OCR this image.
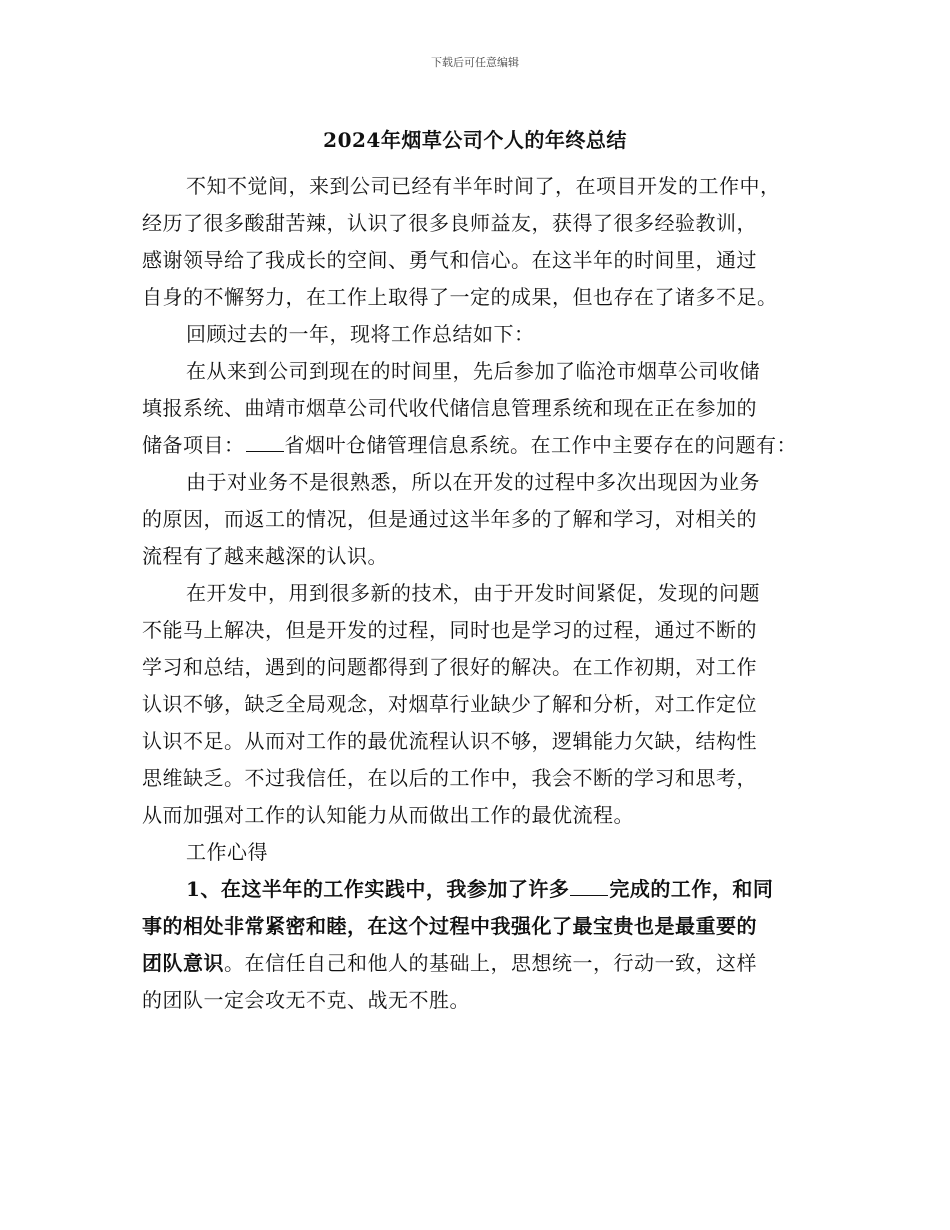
下载后可任意编辑
2024年烟草公司个人的年终总结
不知不觉间，来到公司已经有半年时间了，在项目开发的工作中，
经历了很多酸甜苦辣，认识了很多良师益友，获得了很多经验教训，
感谢领导给了我成长的空间、勇气和信心。在这半年的时间里，通过
自身的不懈努力，在工作上取得了一定的成果，但也存在了诸多不足。
回顾过去的一年，现将工作总结如下：
在从来到公司到现在的时间里，先后参加了临沧市烟草公司收储
填报系统、曲靖市烟草公司代收代储信息管理系统和现在正在参加的
储备项目： 省烟叶仓储管理信息系统。在工作中主要存在的问题有：
由于对业务不是很熟悉，所以在开发的过程中多次出现因为业务
的原因，而返工的情况，但是通过这半年多的了解和学习，对相关的
流程有了越来越深的认识。
在开发中，用到很多新的技术，由于开发时间紧促，发现的问题
不能马上解决，但是开发的过程，同时也是学习的过程，通过不断的
学习和总结，遇到的问题都得到了很好的解决。在工作初期，对工作
认识不够，缺乏全局观念，对烟草行业缺少了解和分析，对工作定位
认识不足。从而对工作的最优流程认识不够，逻辑能力欠缺，结构性
思维缺乏。不过我信任，在以后的工作中，我会不断的学习和思考，
从而加强对工作的认知能力从而做出工作的最优流程。
工作心得
1、在这半年的工作实践中，我参加了许多 完成的工作，和同
事的相处非常紧密和睦，在这个过程中我强化了最宝贵也是最重要的
团队意识。在信任自己和他人的基础上，思想统一，行动一致，这样
的团队一定会攻无不克、战无不胜。
